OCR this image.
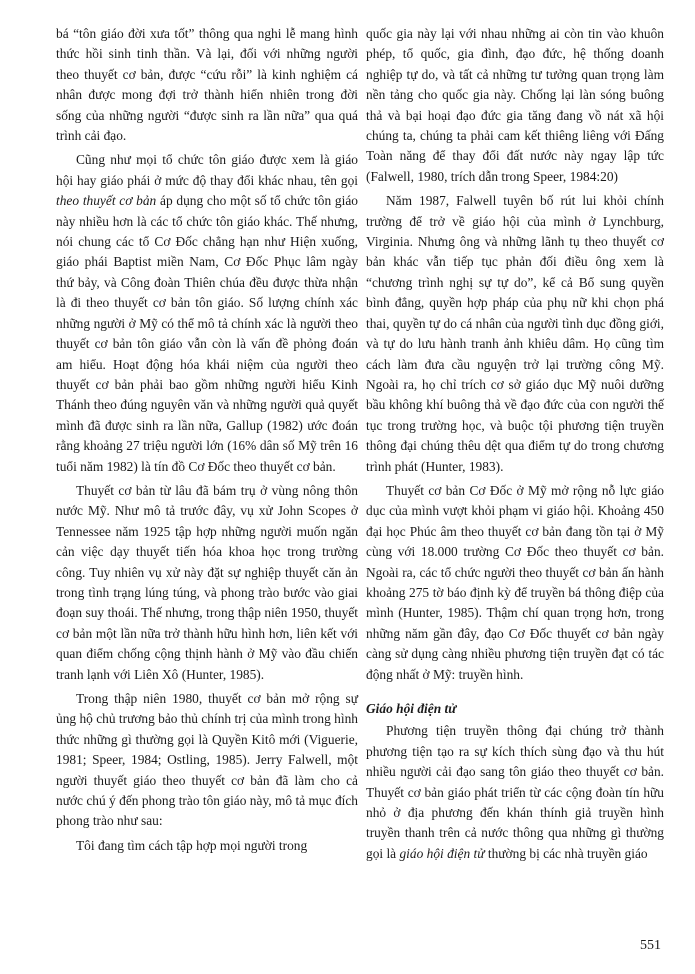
bá “tôn giáo đời xưa tốt” thông qua nghi lễ mang hình thức hồi sinh tinh thần. Và lại, đối với những người theo thuyết cơ bản, được “cứu rỗi” là kinh nghiệm cá nhân được mong đợi trở thành hiển nhiên trong đời sống của những người “được sinh ra lần nữa” qua quá trình cải đạo.

Cũng như mọi tổ chức tôn giáo được xem là giáo hội hay giáo phái ở mức độ thay đổi khác nhau, tên gọi theo thuyết cơ bản áp dụng cho một số tổ chức tôn giáo này nhiều hơn là các tổ chức tôn giáo khác. Thế nhưng, nói chung các tổ Cơ Đốc chẳng hạn như Hiện xuống, giáo phái Baptist miền Nam, Cơ Đốc Phục lâm ngày thứ bảy, và Công đoàn Thiên chúa đều được thừa nhận là đi theo thuyết cơ bản tôn giáo. Số lượng chính xác những người ở Mỹ có thể mô tả chính xác là người theo thuyết cơ bản tôn giáo vẫn còn là vấn đề phỏng đoán am hiểu. Hoạt động hóa khái niệm của người theo thuyết cơ bản phải bao gồm những người hiểu Kinh Thánh theo đúng nguyên văn và những người quả quyết mình đã được sinh ra lần nữa, Gallup (1982) ước đoán rằng khoảng 27 triệu người lớn (16% dân số Mỹ trên 16 tuổi năm 1982) là tín đồ Cơ Đốc theo thuyết cơ bản.

Thuyết cơ bản từ lâu đã bám trụ ở vùng nông thôn nước Mỹ. Như mô tả trước đây, vụ xử John Scopes ở Tennessee năm 1925 tập hợp những người muốn ngăn cản việc dạy thuyết tiến hóa khoa học trong trường công. Tuy nhiên vụ xử này đặt sự nghiệp thuyết căn ản trong tình trạng lúng túng, và phong trào bước vào giai đoạn suy thoái. Thế nhưng, trong thập niên 1950, thuyết cơ bản một lần nữa trở thành hữu hình hơn, liên kết với quan điểm chống cộng thịnh hành ở Mỹ vào đầu chiến tranh lạnh với Liên Xô (Hunter, 1985).

Trong thập niên 1980, thuyết cơ bản mở rộng sự ủng hộ chủ trương bảo thủ chính trị của mình trong hình thức những gì thường gọi là Quyền Kitô mới (Viguerie, 1981; Speer, 1984; Ostling, 1985). Jerry Falwell, một người thuyết giáo theo thuyết cơ bản đã làm cho cả nước chú ý đến phong trào tôn giáo này, mô tả mục đích phong trào như sau:

Tôi đang tìm cách tập hợp mọi người trong

quốc gia này lại với nhau những ai còn tin vào khuôn phép, tổ quốc, gia đình, đạo đức, hệ thống doanh nghiệp tự do, và tất cả những tư tưởng quan trọng làm nền tảng cho quốc gia này. Chống lại làn sóng buông thả và bại hoại đạo đức gia tăng đang vồ nát xã hội chúng ta, chúng ta phải cam kết thiêng liêng với Đấng Toàn năng để thay đổi đất nước này ngay lập tức (Falwell, 1980, trích dẫn trong Speer, 1984:20)

Năm 1987, Falwell tuyên bố rút lui khỏi chính trường để trở về giáo hội của mình ở Lynchburg, Virginia. Nhưng ông và những lãnh tụ theo thuyết cơ bản khác vẫn tiếp tục phản đối điều ông xem là “chương trình nghị sự tự do”, kể cả Bổ sung quyền bình đẳng, quyền hợp pháp của phụ nữ khi chọn phá thai, quyền tự do cá nhân của người tình dục đồng giới, và tự do lưu hành tranh ảnh khiêu dâm. Họ cũng tìm cách làm đưa cầu nguyện trở lại trường công Mỹ. Ngoài ra, họ chỉ trích cơ sở giáo dục Mỹ nuôi dưỡng bầu không khí buông thả về đạo đức của con người thế tục trong trường học, và buộc tội phương tiện truyền thông đại chúng thêu dệt qua điểm tự do trong chương trình phát (Hunter, 1983).

Thuyết cơ bản Cơ Đốc ở Mỹ mở rộng nỗ lực giáo dục của mình vượt khỏi phạm vi giáo hội. Khoảng 450 đại học Phúc âm theo thuyết cơ bản đang tồn tại ở Mỹ cùng với 18.000 trường Cơ Đốc theo thuyết cơ bản. Ngoài ra, các tổ chức người theo thuyết cơ bản ấn hành khoảng 275 tờ báo định kỳ để truyền bá thông điệp của mình (Hunter, 1985). Thậm chí quan trọng hơn, trong những năm gần đây, đạo Cơ Đốc thuyết cơ bản ngày càng sử dụng càng nhiều phương tiện truyền đạt có tác động nhất ở Mỹ: truyền hình.

Giáo hội điện tử

Phương tiện truyền thông đại chúng trở thành phương tiện tạo ra sự kích thích sùng đạo và thu hút nhiều người cải đạo sang tôn giáo theo thuyết cơ bản. Thuyết cơ bản giáo phát triển từ các cộng đoàn tín hữu nhỏ ở địa phương đến khán thính giả truyền hình truyền thanh trên cả nước thông qua những gì thường gọi là giáo hội điện tử thường bị các nhà truyền giáo

551
